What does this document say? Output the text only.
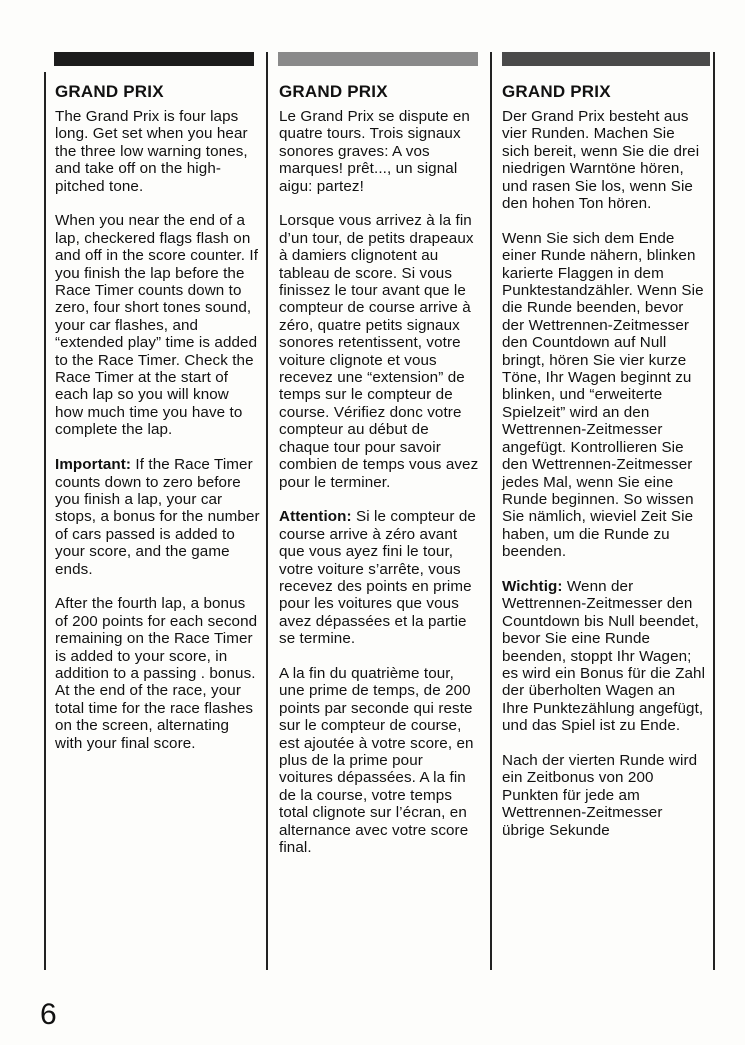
GRAND PRIX

The Grand Prix is four laps long. Get set when you hear the three low warning tones, and take off on the high-pitched tone.

When you near the end of a lap, checkered flags flash on and off in the score counter. If you finish the lap before the Race Timer counts down to zero, four short tones sound, your car flashes, and “extended play” time is added to the Race Timer. Check the Race Timer at the start of each lap so you will know how much time you have to complete the lap.

Important: If the Race Timer counts down to zero before you finish a lap, your car stops, a bonus for the number of cars passed is added to your score, and the game ends.

After the fourth lap, a bonus of 200 points for each second remaining on the Race Timer is added to your score, in addition to a passing . bonus. At the end of the race, your total time for the race flashes on the screen, alternating with your final score.

GRAND PRIX

Le Grand Prix se dispute en quatre tours. Trois signaux sonores graves: A vos marques! prêt..., un signal aigu: partez!

Lorsque vous arrivez à la fin d’un tour, de petits drapeaux à damiers clignotent au tableau de score. Si vous finissez le tour avant que le compteur de course arrive à zéro, quatre petits signaux sonores retentissent, votre voiture clignote et vous recevez une “extension” de temps sur le compteur de course. Vérifiez donc votre compteur au début de chaque tour pour savoir combien de temps vous avez pour le terminer.

Attention: Si le compteur de course arrive à zéro avant que vous ayez fini le tour, votre voiture s’arrête, vous recevez des points en prime pour les voitures que vous avez dépassées et la partie se termine.

A la fin du quatrième tour, une prime de temps, de 200 points par seconde qui reste sur le compteur de course, est ajoutée à votre score, en plus de la prime pour voitures dépassées. A la fin de la course, votre temps total clignote sur l’écran, en alternance avec votre score final.

GRAND PRIX

Der Grand Prix besteht aus vier Runden. Machen Sie sich bereit, wenn Sie die drei niedrigen Warntöne hören, und rasen Sie los, wenn Sie den hohen Ton hören.

Wenn Sie sich dem Ende einer Runde nähern, blinken karierte Flaggen in dem Punktestandzähler. Wenn Sie die Runde beenden, bevor der Wettrennen-Zeitmesser den Countdown auf Null bringt, hören Sie vier kurze Töne, Ihr Wagen beginnt zu blinken, und “erweiterte Spielzeit” wird an den Wettrennen-Zeitmesser angefügt. Kontrollieren Sie den Wettrennen-Zeitmesser jedes Mal, wenn Sie eine Runde beginnen. So wissen Sie nämlich, wieviel Zeit Sie haben, um die Runde zu beenden.

Wichtig: Wenn der Wettrennen-Zeitmesser den Countdown bis Null beendet, bevor Sie eine Runde beenden, stoppt Ihr Wagen; es wird ein Bonus für die Zahl der überholten Wagen an Ihre Punktezählung angefügt, und das Spiel ist zu Ende.

Nach der vierten Runde wird ein Zeitbonus von 200 Punkten für jede am Wettrennen-Zeitmesser übrige Sekunde

6
